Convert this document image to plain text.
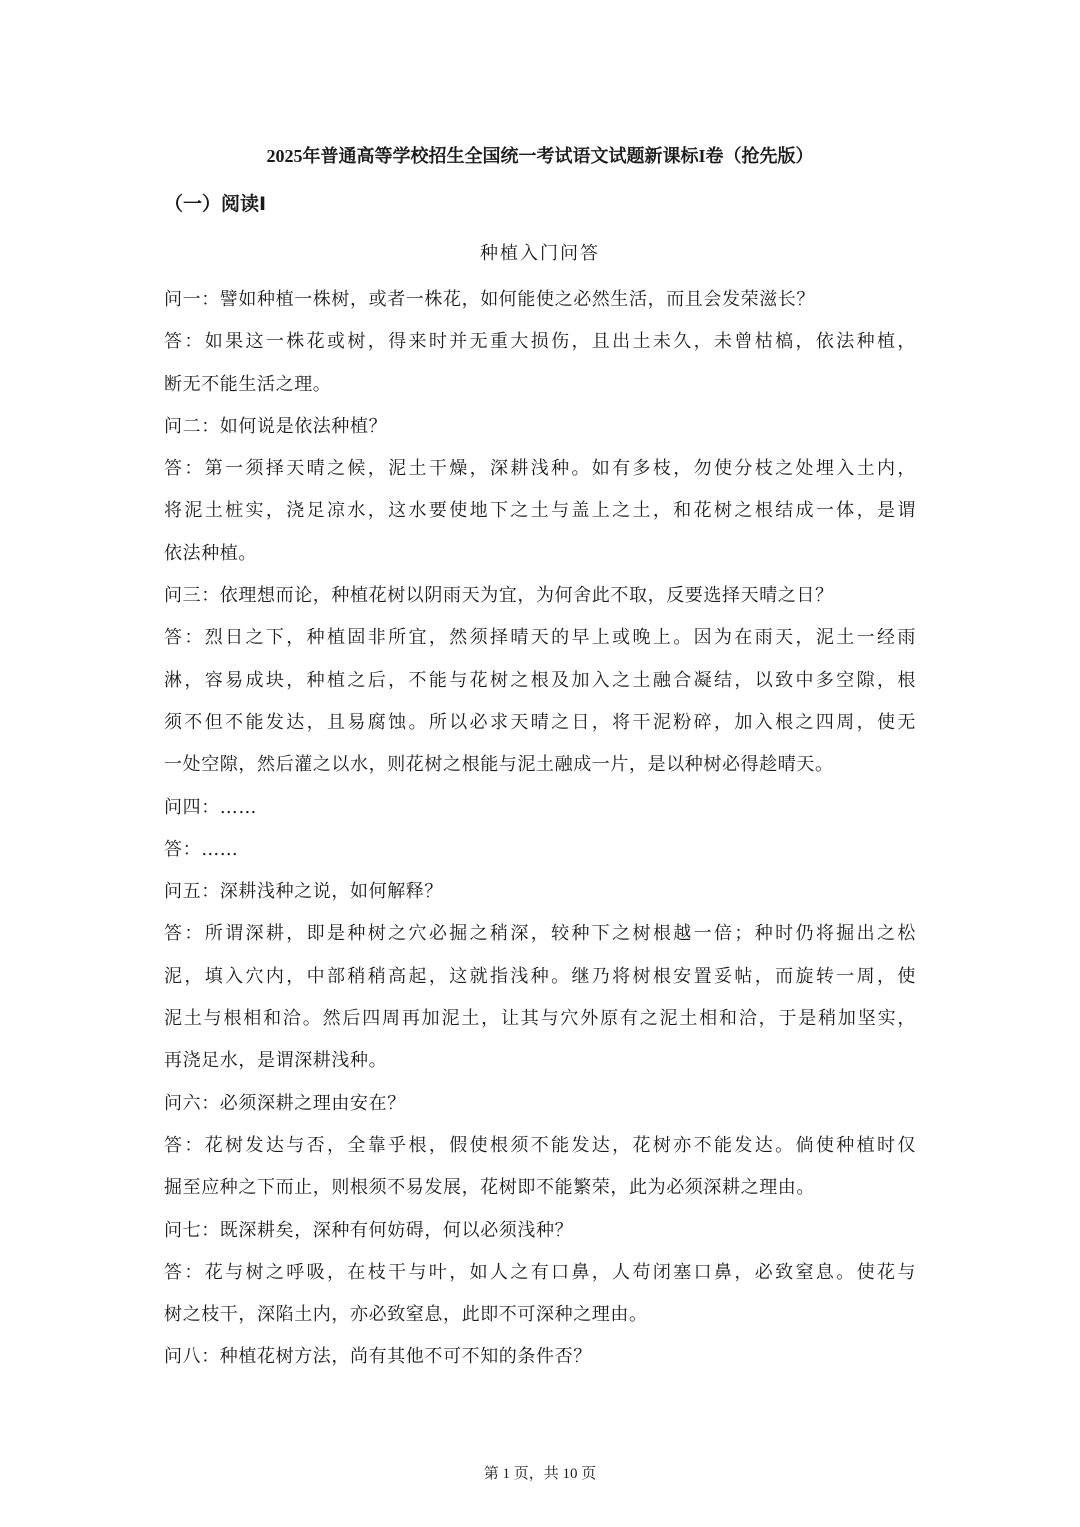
2025年普通高等学校招生全国统一考试语文试题新课标I卷（抢先版）
（一）阅读I
种植入门问答
问一：譬如种植一株树，或者一株花，如何能使之必然生活，而且会发荣滋长？
答：如果这一株花或树，得来时并无重大损伤，且出土未久，未曾枯槁，依法种植，
断无不能生活之理。
问二：如何说是依法种植？
答：第一须择天晴之候，泥土干燥，深耕浅种。如有多枝，勿使分枝之处埋入土内，
将泥土桩实，浇足凉水，这水要使地下之土与盖上之土，和花树之根结成一体，是谓
依法种植。
问三：依理想而论，种植花树以阴雨天为宜，为何舍此不取，反要选择天晴之日？
答：烈日之下，种植固非所宜，然须择晴天的早上或晚上。因为在雨天，泥土一经雨
淋，容易成块，种植之后，不能与花树之根及加入之土融合凝结，以致中多空隙，根
须不但不能发达，且易腐蚀。所以必求天晴之日，将干泥粉碎，加入根之四周，使无
一处空隙，然后灌之以水，则花树之根能与泥土融成一片，是以种树必得趁晴天。
问四：……
答：……
问五：深耕浅种之说，如何解释？
答：所谓深耕，即是种树之穴必掘之稍深，较种下之树根越一倍；种时仍将掘出之松
泥，填入穴内，中部稍稍高起，这就指浅种。继乃将树根安置妥帖，而旋转一周，使
泥土与根相和洽。然后四周再加泥土，让其与穴外原有之泥土相和洽，于是稍加坚实，
再浇足水，是谓深耕浅种。
问六：必须深耕之理由安在？
答：花树发达与否，全靠乎根，假使根须不能发达，花树亦不能发达。倘使种植时仅
掘至应种之下而止，则根须不易发展，花树即不能繁荣，此为必须深耕之理由。
问七：既深耕矣，深种有何妨碍，何以必须浅种？
答：花与树之呼吸，在枝干与叶，如人之有口鼻，人苟闭塞口鼻，必致窒息。使花与
树之枝干，深陷土内，亦必致窒息，此即不可深种之理由。
问八：种植花树方法，尚有其他不可不知的条件否？
第 1 页，共 10 页
